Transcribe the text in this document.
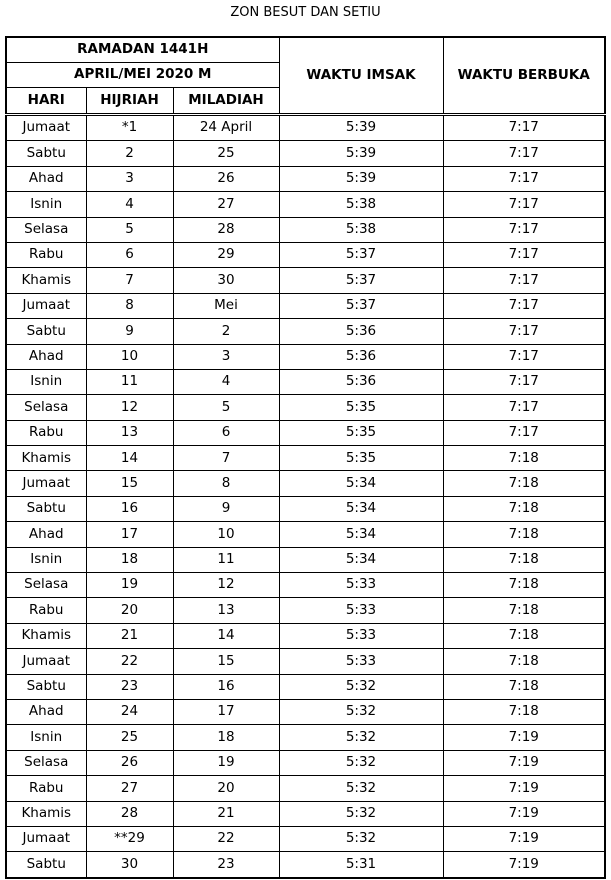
ZON BESUT DAN SETIU
RAMADAN 1441H			WAKTU IMSAK	WAKTU BERBUKA
APRIL/MEI 2020 M				
HARI	HIJRIAH	MILADIAH		
Jumaat	*1	24 April	5:39	7:17
Sabtu	2	25	5:39	7:17
Ahad	3	26	5:39	7:17
Isnin	4	27	5:38	7:17
Selasa	5	28	5:38	7:17
Rabu	6	29	5:37	7:17
Khamis	7	30	5:37	7:17
Jumaat	8	Mei	5:37	7:17
Sabtu	9	2	5:36	7:17
Ahad	10	3	5:36	7:17
Isnin	11	4	5:36	7:17
Selasa	12	5	5:35	7:17
Rabu	13	6	5:35	7:17
Khamis	14	7	5:35	7:18
Jumaat	15	8	5:34	7:18
Sabtu	16	9	5:34	7:18
Ahad	17	10	5:34	7:18
Isnin	18	11	5:34	7:18
Selasa	19	12	5:33	7:18
Rabu	20	13	5:33	7:18
Khamis	21	14	5:33	7:18
Jumaat	22	15	5:33	7:18
Sabtu	23	16	5:32	7:18
Ahad	24	17	5:32	7:18
Isnin	25	18	5:32	7:19
Selasa	26	19	5:32	7:19
Rabu	27	20	5:32	7:19
Khamis	28	21	5:32	7:19
Jumaat	**29	22	5:32	7:19
Sabtu	30	23	5:31	7:19
